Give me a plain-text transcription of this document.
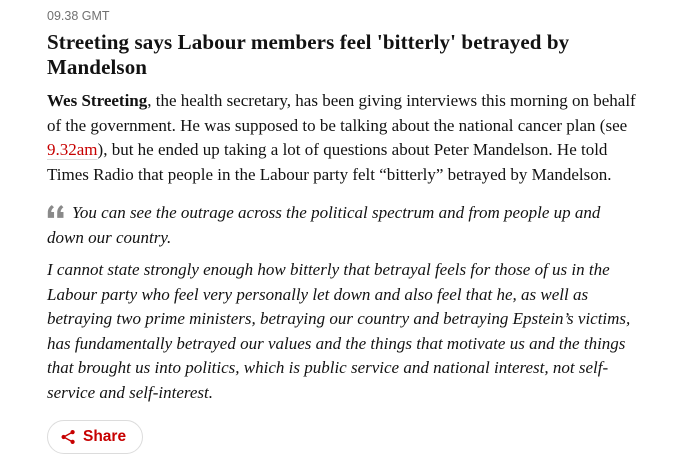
09.38 GMT
Streeting says Labour members feel 'bitterly' betrayed by Mandelson

Wes Streeting, the health secretary, has been giving interviews this morning on behalf of the government. He was supposed to be talking about the national cancer plan (see 9.32am), but he ended up taking a lot of questions about Peter Mandelson. He told Times Radio that people in the Labour party felt “bitterly” betrayed by Mandelson.

You can see the outrage across the political spectrum and from people up and down our country.

I cannot state strongly enough how bitterly that betrayal feels for those of us in the Labour party who feel very personally let down and also feel that he, as well as betraying two prime ministers, betraying our country and betraying Epstein’s victims, has fundamentally betrayed our values and the things that motivate us and the things that brought us into politics, which is public service and national interest, not self-service and self-interest.

Share
